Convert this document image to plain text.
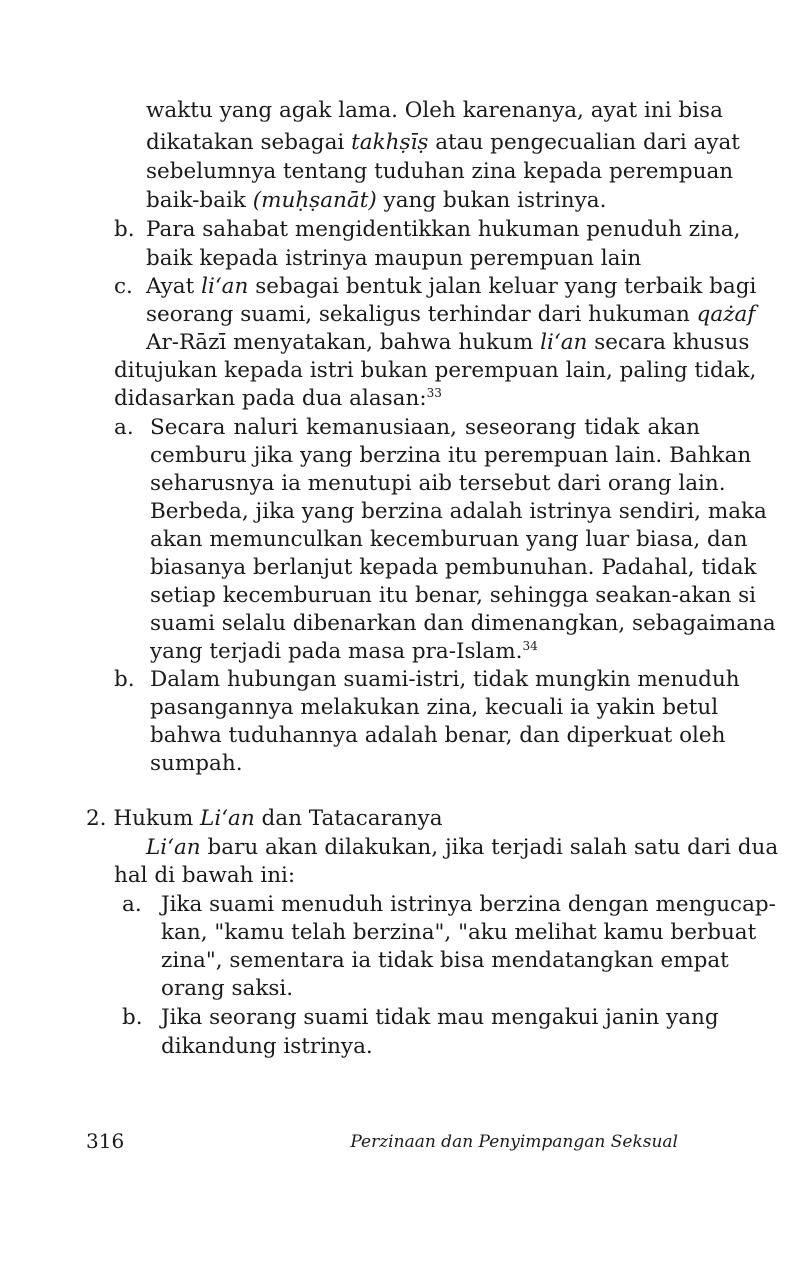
waktu yang agak lama. Oleh karenanya, ayat ini bisa
dikatakan sebagai takhṣīṣ atau pengecualian dari ayat
sebelumnya tentang tuduhan zina kepada perempuan
baik-baik (muḥṣanāt) yang bukan istrinya.
b. Para sahabat mengidentikkan hukuman penuduh zina,
baik kepada istrinya maupun perempuan lain
c. Ayat li‘an sebagai bentuk jalan keluar yang terbaik bagi
seorang suami, sekaligus terhindar dari hukuman qażaf
Ar-Rāzī menyatakan, bahwa hukum li‘an secara khusus
ditujukan kepada istri bukan perempuan lain, paling tidak,
didasarkan pada dua alasan:$^{33}$
a. Secara naluri kemanusiaan, seseorang tidak akan
cemburu jika yang berzina itu perempuan lain. Bahkan
seharusnya ia menutupi aib tersebut dari orang lain.
Berbeda, jika yang berzina adalah istrinya sendiri, maka
akan memunculkan kecemburuan yang luar biasa, dan
biasanya berlanjut kepada pembunuhan. Padahal, tidak
setiap kecemburuan itu benar, sehingga seakan-akan si
suami selalu dibenarkan dan dimenangkan, sebagaimana
yang terjadi pada masa pra-Islam.$^{34}$
b. Dalam hubungan suami-istri, tidak mungkin menuduh
pasangannya melakukan zina, kecuali ia yakin betul
bahwa tuduhannya adalah benar, dan diperkuat oleh
sumpah.
2. Hukum Li‘an dan Tatacaranya
Li‘an baru akan dilakukan, jika terjadi salah satu dari dua
hal di bawah ini:
a. Jika suami menuduh istrinya berzina dengan mengucap-
kan, "kamu telah berzina", "aku melihat kamu berbuat
zina", sementara ia tidak bisa mendatangkan empat
orang saksi.
b. Jika seorang suami tidak mau mengakui janin yang
dikandung istrinya.
316	Perzinaan dan Penyimpangan Seksual
